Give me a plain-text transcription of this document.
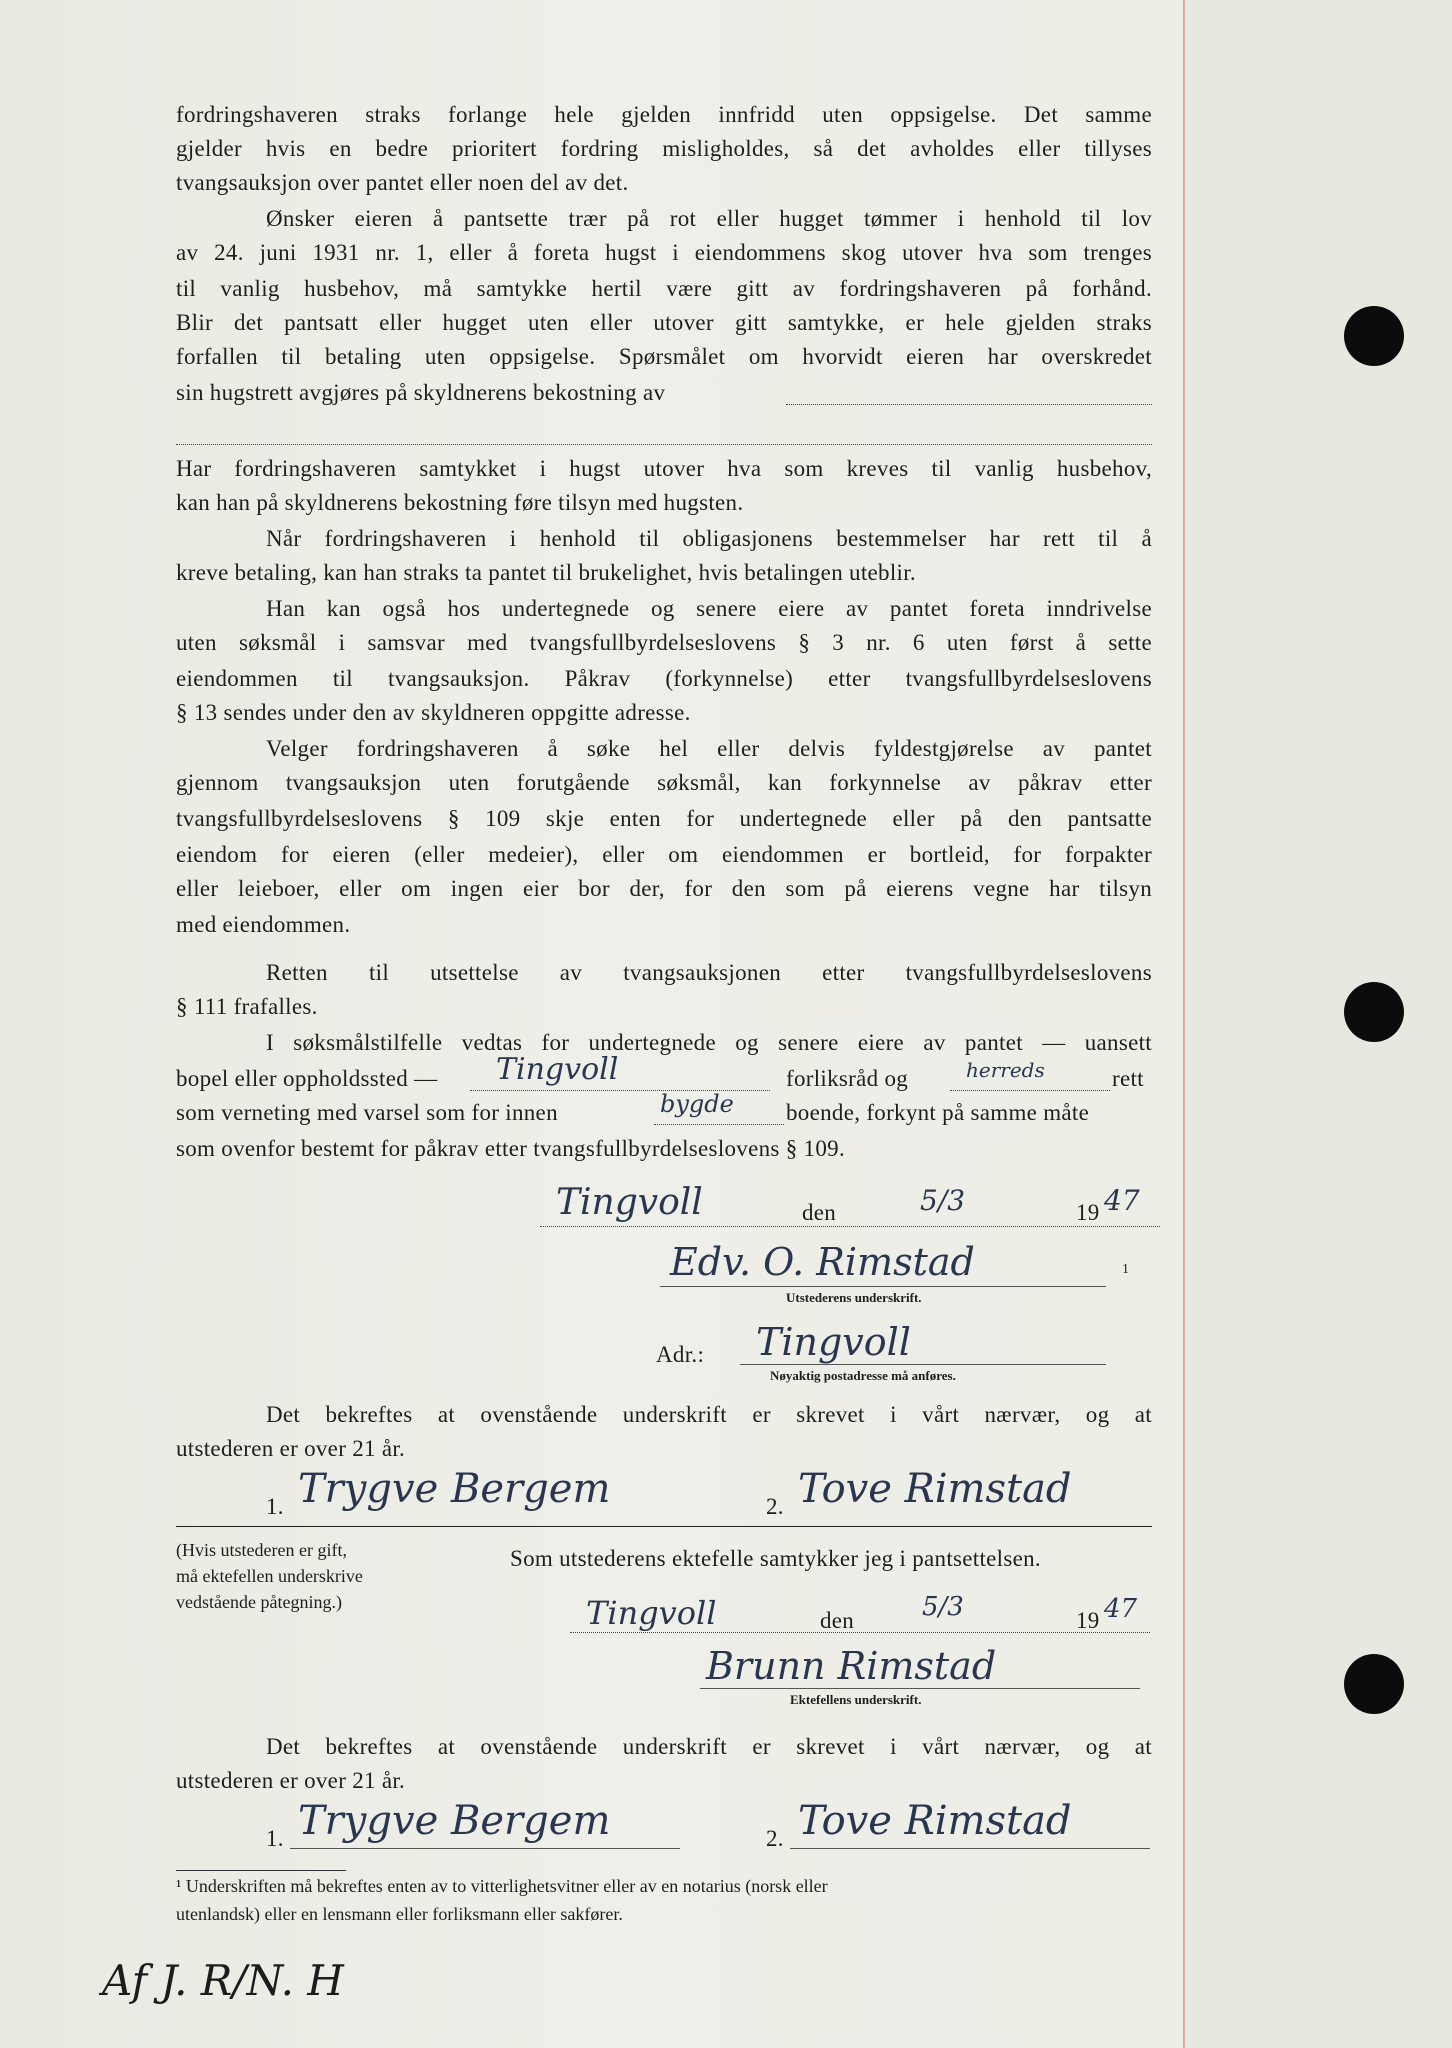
fordringshaveren straks forlange hele gjelden innfridd uten oppsigelse. Det samme
gjelder hvis en bedre prioritert fordring misligholdes, så det avholdes eller tillyses
tvangsauksjon over pantet eller noen del av det.
Ønsker eieren å pantsette trær på rot eller hugget tømmer i henhold til lov
av 24. juni 1931 nr. 1, eller å foreta hugst i eiendommens skog utover hva som trenges
til vanlig husbehov, må samtykke hertil være gitt av fordringshaveren på forhånd.
Blir det pantsatt eller hugget uten eller utover gitt samtykke, er hele gjelden straks
forfallen til betaling uten oppsigelse. Spørsmålet om hvorvidt eieren har overskredet
sin hugstrett avgjøres på skyldnerens bekostning av
Har fordringshaveren samtykket i hugst utover hva som kreves til vanlig husbehov,
kan han på skyldnerens bekostning føre tilsyn med hugsten.
Når fordringshaveren i henhold til obligasjonens bestemmelser har rett til å
kreve betaling, kan han straks ta pantet til brukelighet, hvis betalingen uteblir.
Han kan også hos undertegnede og senere eiere av pantet foreta inndrivelse
uten søksmål i samsvar med tvangsfullbyrdelseslovens § 3 nr. 6 uten først å sette
eiendommen til tvangsauksjon. Påkrav (forkynnelse) etter tvangsfullbyrdelseslovens
§ 13 sendes under den av skyldneren oppgitte adresse.
Velger fordringshaveren å søke hel eller delvis fyldestgjørelse av pantet
gjennom tvangsauksjon uten forutgående søksmål, kan forkynnelse av påkrav etter
tvangsfullbyrdelseslovens § 109 skje enten for undertegnede eller på den pantsatte
eiendom for eieren (eller medeier), eller om eiendommen er bortleid, for forpakter
eller leieboer, eller om ingen eier bor der, for den som på eierens vegne har tilsyn
med eiendommen.
Retten til utsettelse av tvangsauksjonen etter tvangsfullbyrdelseslovens
§ 111 frafalles.
I søksmålstilfelle vedtas for undertegnede og senere eiere av pantet — uansett
bopel eller oppholdssted — Tingvoll	forliksråd og	herreds	rett
som verneting med varsel som for innen	bygde boende, forkynt på samme måte
som ovenfor bestemt for påkrav etter tvangsfullbyrdelseslovens § 109.
Tingvoll	den	5/3	19 47
Edv. O. Rimstad	1
Utstederens underskrift.
Adr.: Tingvoll
Nøyaktig postadresse må anføres.
Det bekreftes at ovenstående underskrift er skrevet i vårt nærvær, og at
utstederen er over 21 år.
1. Trygve Bergem	2. Tove Rimstad
(Hvis utstederen er gift,
må ektefellen underskrive
vedstående påtegning.)
Som utstederens ektefelle samtykker jeg i pantsettelsen.
Tingvoll	den	5/3	19 47
Brunn Rimstad
Ektefellens underskrift.
Det bekreftes at ovenstående underskrift er skrevet i vårt nærvær, og at
utstederen er over 21 år.
1. Trygve Bergem	2. Tove Rimstad
¹ Underskriften må bekreftes enten av to vitterlighetsvitner eller av en notarius (norsk eller
utenlandsk) eller en lensmann eller forliksmann eller sakfører.
Af J. R/N. H
